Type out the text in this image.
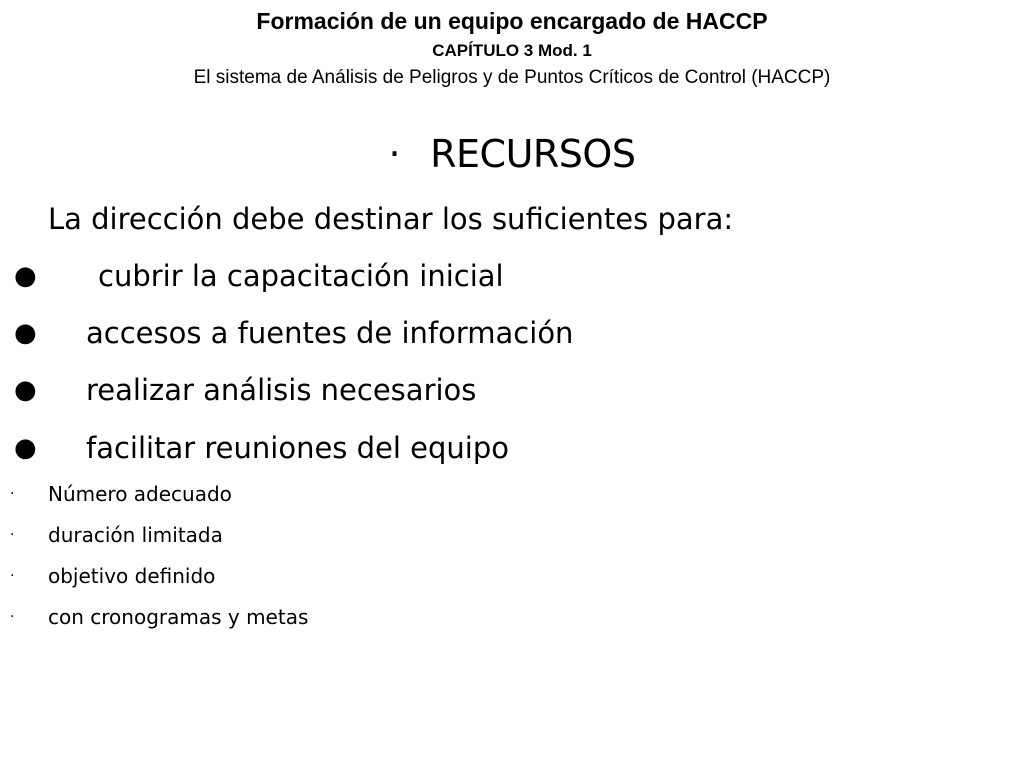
Formación de un equipo encargado de HACCP
CAPÍTULO 3 Mod. 1
El sistema de Análisis de Peligros y de Puntos Críticos de Control (HACCP)
· RECURSOS
La dirección debe destinar los suficientes para:
● cubrir la capacitación inicial
● accesos a fuentes de información
● realizar análisis necesarios
● facilitar reuniones del equipo
· Número adecuado
· duración limitada
· objetivo definido
· con cronogramas y metas
